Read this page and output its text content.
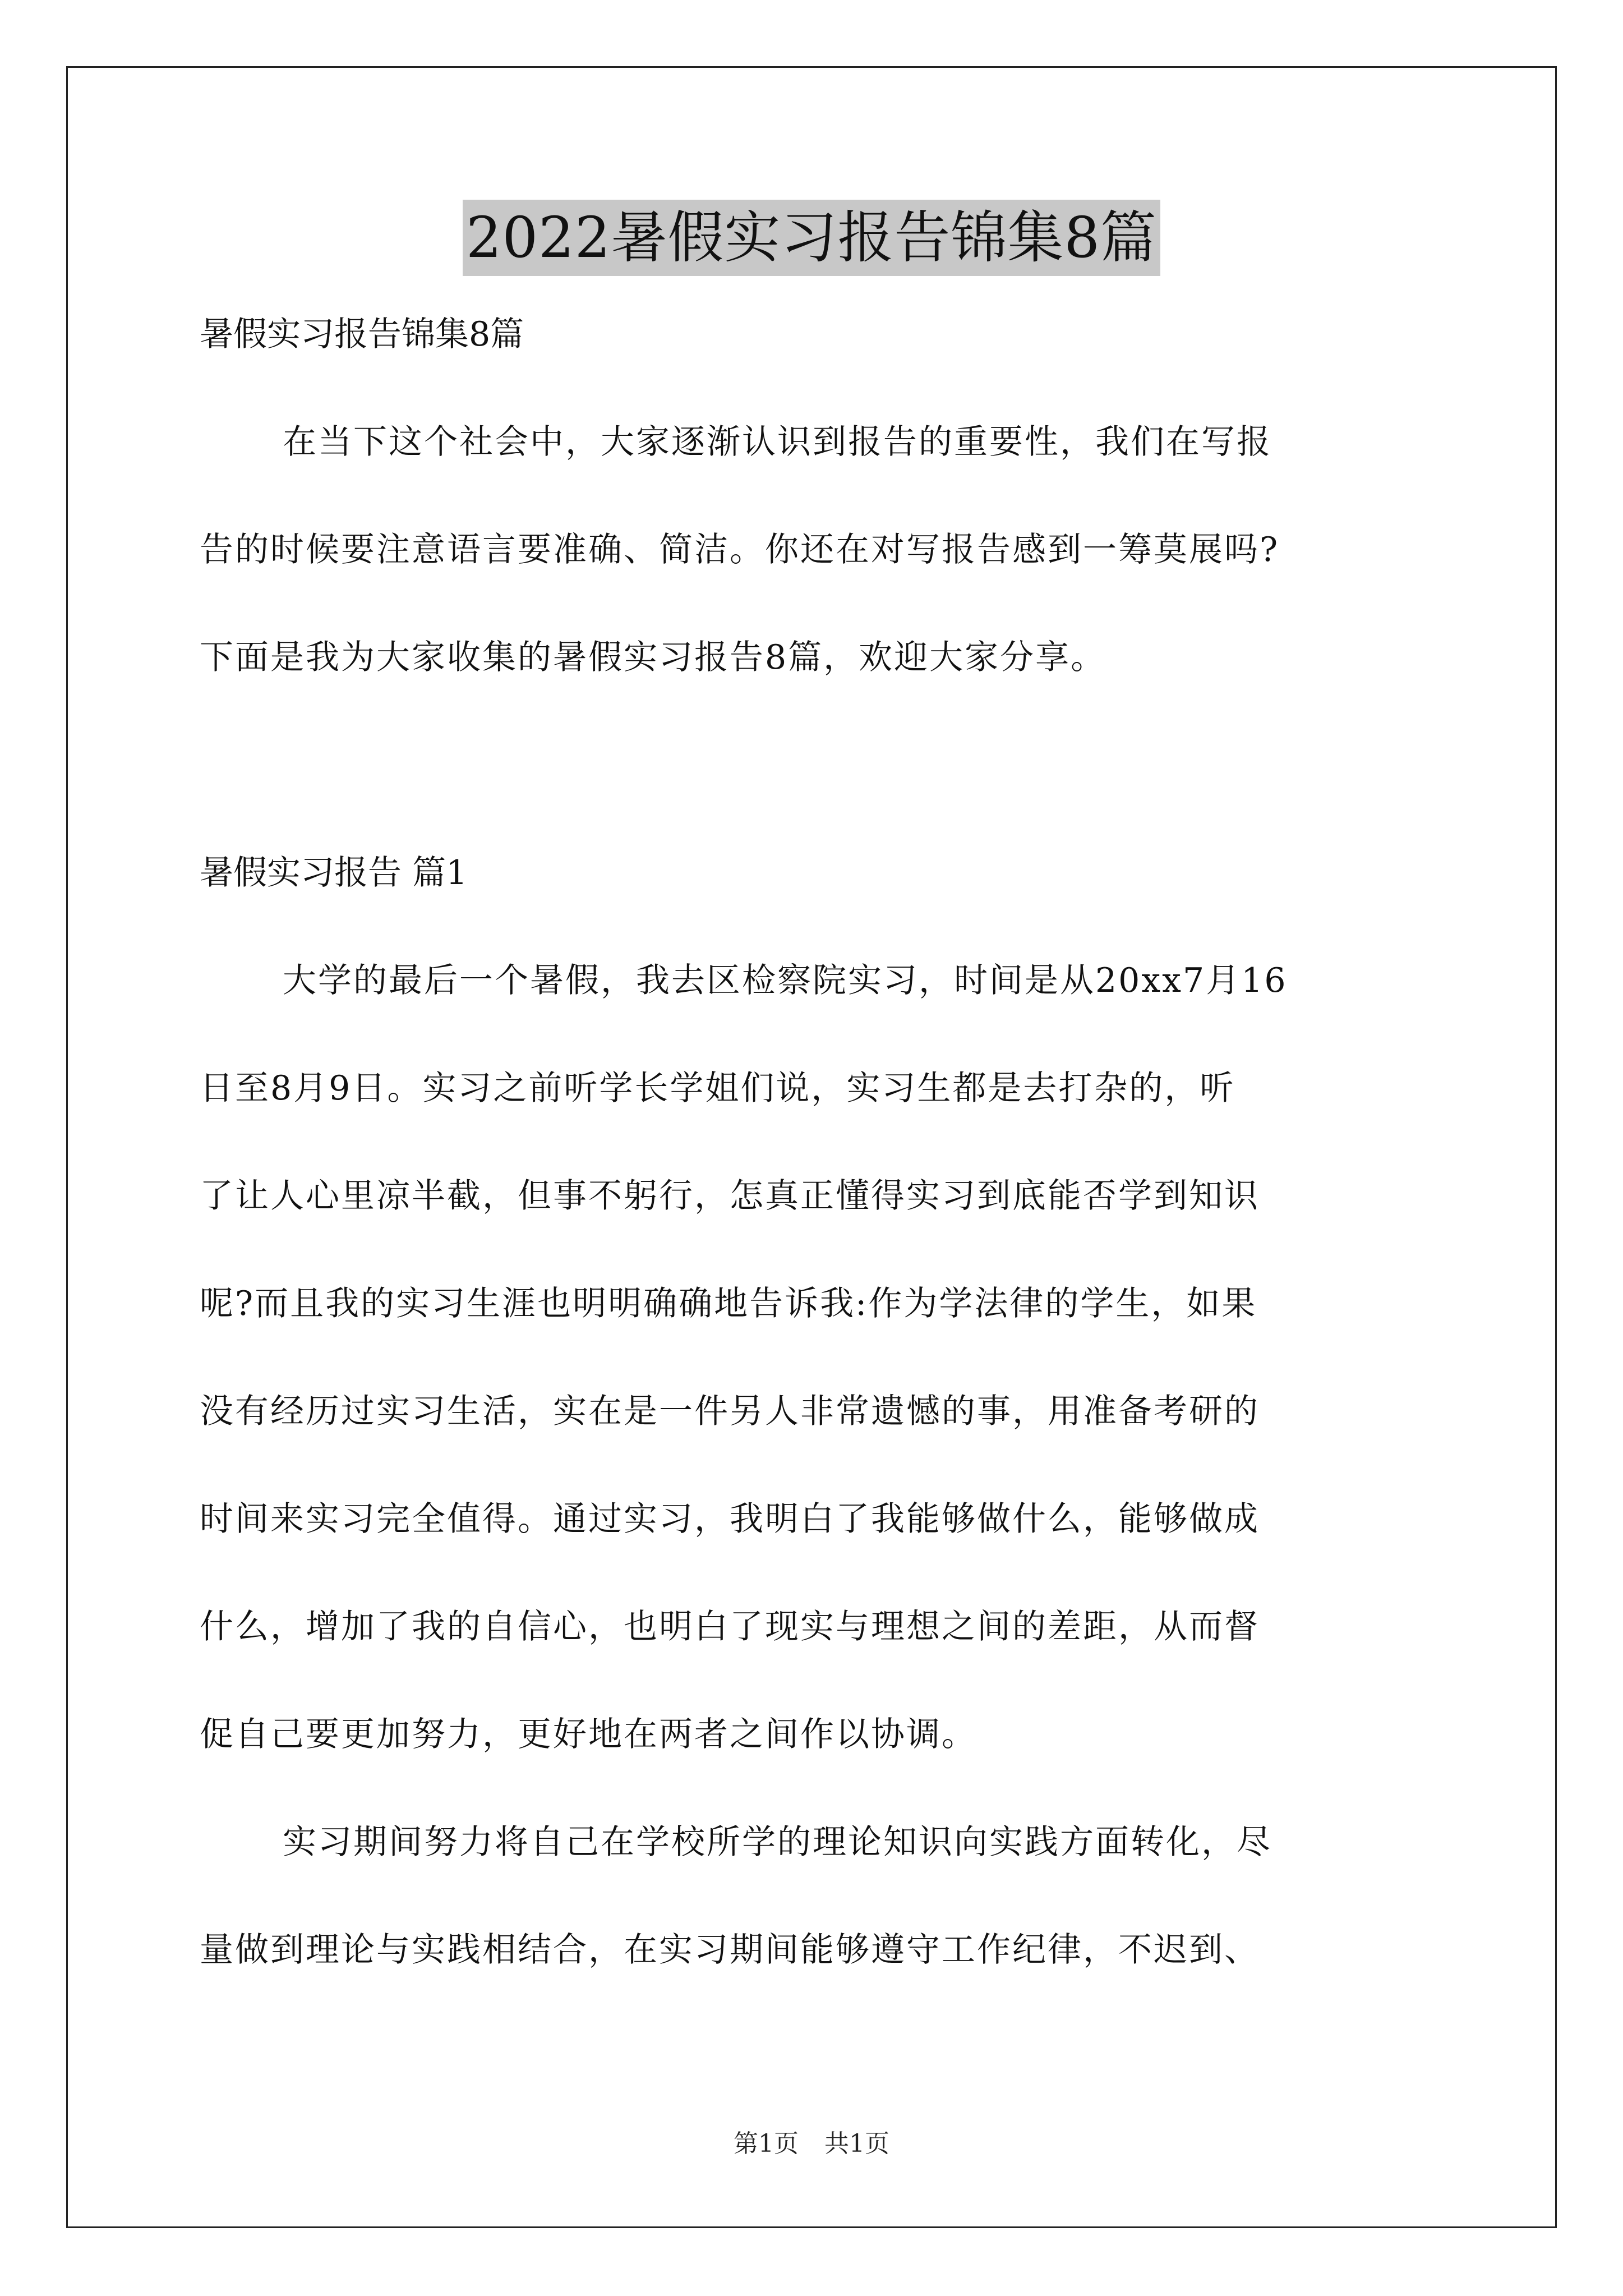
2022暑假实习报告锦集8篇
暑假实习报告锦集8篇
在当下这个社会中，大家逐渐认识到报告的重要性，我们在写报
告的时候要注意语言要准确、简洁。你还在对写报告感到一筹莫展吗?
下面是我为大家收集的暑假实习报告8篇，欢迎大家分享。
暑假实习报告 篇1
大学的最后一个暑假，我去区检察院实习，时间是从20xx7月16
日至8月9日。实习之前听学长学姐们说，实习生都是去打杂的，听
了让人心里凉半截，但事不躬行，怎真正懂得实习到底能否学到知识
呢?而且我的实习生涯也明明确确地告诉我:作为学法律的学生，如果
没有经历过实习生活，实在是一件另人非常遗憾的事，用准备考研的
时间来实习完全值得。通过实习，我明白了我能够做什么，能够做成
什么，增加了我的自信心，也明白了现实与理想之间的差距，从而督
促自己要更加努力，更好地在两者之间作以协调。
实习期间努力将自己在学校所学的理论知识向实践方面转化，尽
量做到理论与实践相结合，在实习期间能够遵守工作纪律，不迟到、
第1页 共1页
